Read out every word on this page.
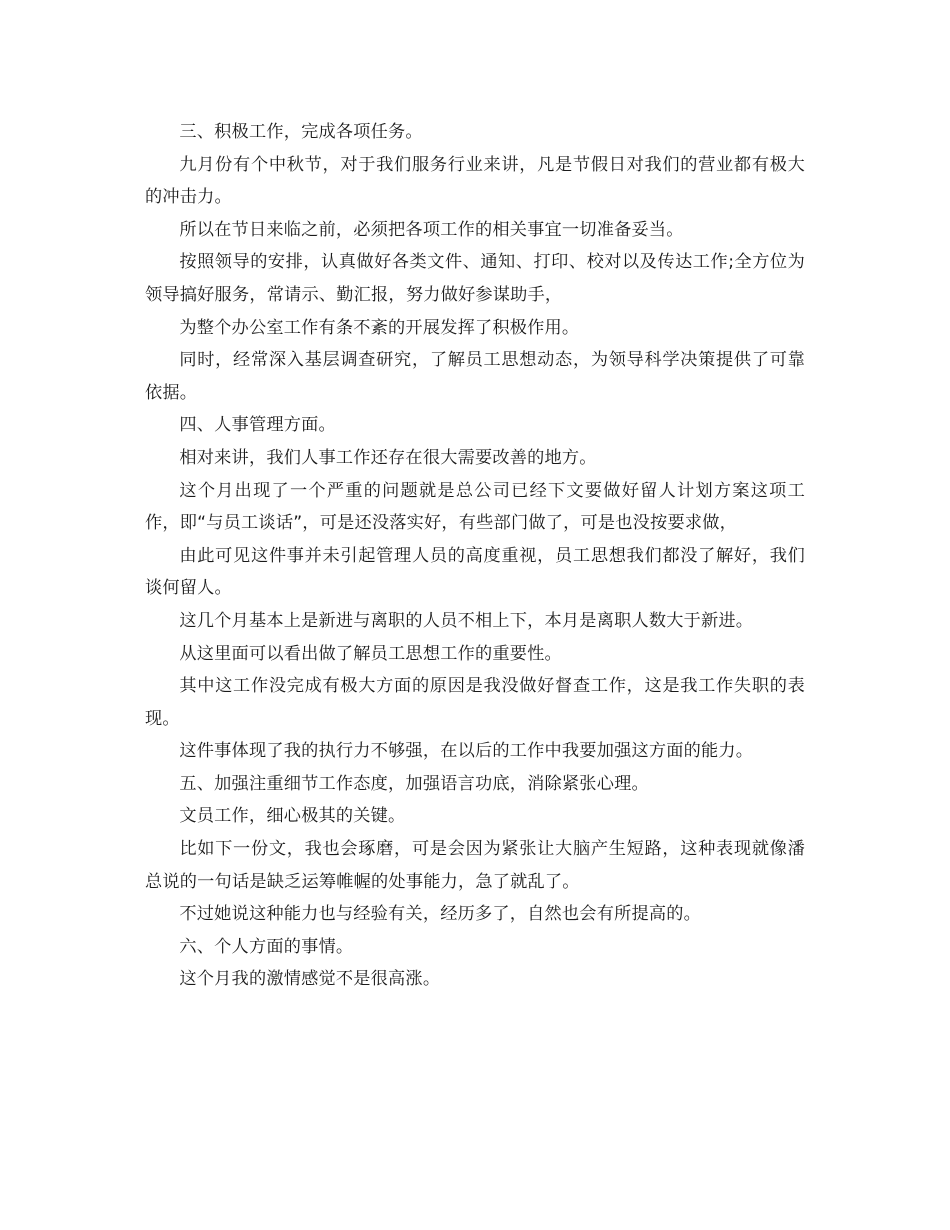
三、积极工作，完成各项任务。

九月份有个中秋节，对于我们服务行业来讲，凡是节假日对我们的营业都有极大的冲击力。

所以在节日来临之前，必须把各项工作的相关事宜一切准备妥当。

按照领导的安排，认真做好各类文件、通知、打印、校对以及传达工作;全方位为领导搞好服务，常请示、勤汇报，努力做好参谋助手，

为整个办公室工作有条不紊的开展发挥了积极作用。

同时，经常深入基层调查研究，了解员工思想动态，为领导科学决策提供了可靠依据。

四、人事管理方面。

相对来讲，我们人事工作还存在很大需要改善的地方。

这个月出现了一个严重的问题就是总公司已经下文要做好留人计划方案这项工作，即“与员工谈话”，可是还没落实好，有些部门做了，可是也没按要求做，

由此可见这件事并未引起管理人员的高度重视，员工思想我们都没了解好，我们谈何留人。

这几个月基本上是新进与离职的人员不相上下，本月是离职人数大于新进。

从这里面可以看出做了解员工思想工作的重要性。

其中这工作没完成有极大方面的原因是我没做好督查工作，这是我工作失职的表现。

这件事体现了我的执行力不够强，在以后的工作中我要加强这方面的能力。

五、加强注重细节工作态度，加强语言功底，消除紧张心理。

文员工作，细心极其的关键。

比如下一份文，我也会琢磨，可是会因为紧张让大脑产生短路，这种表现就像潘总说的一句话是缺乏运筹帷幄的处事能力，急了就乱了。

不过她说这种能力也与经验有关，经历多了，自然也会有所提高的。

六、个人方面的事情。

这个月我的激情感觉不是很高涨。
